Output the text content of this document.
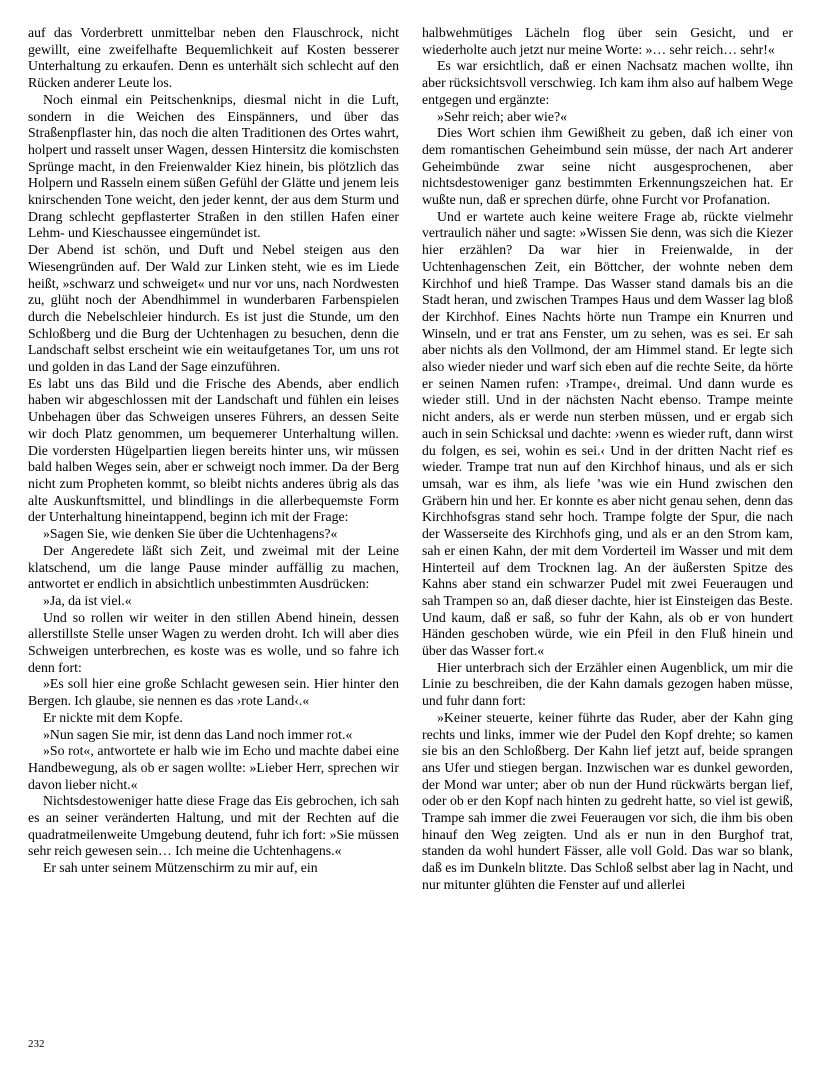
auf das Vorderbrett unmittelbar neben den Flauschrock, nicht gewillt, eine zweifelhafte Bequemlichkeit auf Kosten besserer Unterhaltung zu erkaufen. Denn es unterhält sich schlecht auf den Rücken anderer Leute los.

Noch einmal ein Peitschenknips, diesmal nicht in die Luft, sondern in die Weichen des Einspänners, und über das Straßenpflaster hin, das noch die alten Traditionen des Ortes wahrt, holpert und rasselt unser Wagen, dessen Hintersitz die komischsten Sprünge macht, in den Freienwalder Kiez hinein, bis plötzlich das Holpern und Rasseln einem süßen Gefühl der Glätte und jenem leis knirschenden Tone weicht, den jeder kennt, der aus dem Sturm und Drang schlecht gepflasterter Straßen in den stillen Hafen einer Lehm- und Kieschaussee eingemündet ist.

Der Abend ist schön, und Duft und Nebel steigen aus den Wiesengründen auf. Der Wald zur Linken steht, wie es im Liede heißt, »schwarz und schweiget« und nur vor uns, nach Nordwesten zu, glüht noch der Abendhimmel in wunderbaren Farbenspielen durch die Nebelschleier hindurch. Es ist just die Stunde, um den Schloßberg und die Burg der Uchtenhagen zu besuchen, denn die Landschaft selbst erscheint wie ein weitaufgetanes Tor, um uns rot und golden in das Land der Sage einzuführen.

Es labt uns das Bild und die Frische des Abends, aber endlich haben wir abgeschlossen mit der Landschaft und fühlen ein leises Unbehagen über das Schweigen unseres Führers, an dessen Seite wir doch Platz genommen, um bequemerer Unterhaltung willen. Die vordersten Hügelpartien liegen bereits hinter uns, wir müssen bald halben Weges sein, aber er schweigt noch immer. Da der Berg nicht zum Propheten kommt, so bleibt nichts anderes übrig als das alte Auskunftsmittel, und blindlings in die allerbequemste Form der Unterhaltung hineintappend, beginn ich mit der Frage:

»Sagen Sie, wie denken Sie über die Uchtenhagens?«

Der Angeredete läßt sich Zeit, und zweimal mit der Leine klatschend, um die lange Pause minder auffällig zu machen, antwortet er endlich in absichtlich unbestimmten Ausdrücken:

»Ja, da ist viel.«

Und so rollen wir weiter in den stillen Abend hinein, dessen allerstillste Stelle unser Wagen zu werden droht. Ich will aber dies Schweigen unterbrechen, es koste was es wolle, und so fahre ich denn fort:

»Es soll hier eine große Schlacht gewesen sein. Hier hinter den Bergen. Ich glaube, sie nennen es das ›rote Land‹.«

Er nickte mit dem Kopfe.

»Nun sagen Sie mir, ist denn das Land noch immer rot.«

»So rot«, antwortete er halb wie im Echo und machte dabei eine Handbewegung, als ob er sagen wollte: »Lieber Herr, sprechen wir davon lieber nicht.«

Nichtsdestoweniger hatte diese Frage das Eis gebrochen, ich sah es an seiner veränderten Haltung, und mit der Rechten auf die quadratmeilenweite Umgebung deutend, fuhr ich fort: »Sie müssen sehr reich gewesen sein… Ich meine die Uchtenhagens.«

Er sah unter seinem Mützenschirm zu mir auf, ein

halbwehmütiges Lächeln flog über sein Gesicht, und er wiederholte auch jetzt nur meine Worte: »… sehr reich… sehr!«

Es war ersichtlich, daß er einen Nachsatz machen wollte, ihn aber rücksichtsvoll verschwieg. Ich kam ihm also auf halbem Wege entgegen und ergänzte:

»Sehr reich; aber wie?«

Dies Wort schien ihm Gewißheit zu geben, daß ich einer von dem romantischen Geheimbund sein müsse, der nach Art anderer Geheimbünde zwar seine nicht ausgesprochenen, aber nichtsdestoweniger ganz bestimmten Erkennungszeichen hat. Er wußte nun, daß er sprechen dürfe, ohne Furcht vor Profanation.

Und er wartete auch keine weitere Frage ab, rückte vielmehr vertraulich näher und sagte: »Wissen Sie denn, was sich die Kiezer hier erzählen? Da war hier in Freienwalde, in der Uchtenhagenschen Zeit, ein Böttcher, der wohnte neben dem Kirchhof und hieß Trampe. Das Wasser stand damals bis an die Stadt heran, und zwischen Trampes Haus und dem Wasser lag bloß der Kirchhof. Eines Nachts hörte nun Trampe ein Knurren und Winseln, und er trat ans Fenster, um zu sehen, was es sei. Er sah aber nichts als den Vollmond, der am Himmel stand. Er legte sich also wieder nieder und warf sich eben auf die rechte Seite, da hörte er seinen Namen rufen: ›Trampe‹, dreimal. Und dann wurde es wieder still. Und in der nächsten Nacht ebenso. Trampe meinte nicht anders, als er werde nun sterben müssen, und er ergab sich auch in sein Schicksal und dachte: ›wenn es wieder ruft, dann wirst du folgen, es sei, wohin es sei.‹ Und in der dritten Nacht rief es wieder. Trampe trat nun auf den Kirchhof hinaus, und als er sich umsah, war es ihm, als liefe ’was wie ein Hund zwischen den Gräbern hin und her. Er konnte es aber nicht genau sehen, denn das Kirchhofsgras stand sehr hoch. Trampe folgte der Spur, die nach der Wasserseite des Kirchhofs ging, und als er an den Strom kam, sah er einen Kahn, der mit dem Vorderteil im Wasser und mit dem Hinterteil auf dem Trocknen lag. An der äußersten Spitze des Kahns aber stand ein schwarzer Pudel mit zwei Feueraugen und sah Trampen so an, daß dieser dachte, hier ist Einsteigen das Beste. Und kaum, daß er saß, so fuhr der Kahn, als ob er von hundert Händen geschoben würde, wie ein Pfeil in den Fluß hinein und über das Wasser fort.«

Hier unterbrach sich der Erzähler einen Augenblick, um mir die Linie zu beschreiben, die der Kahn damals gezogen haben müsse, und fuhr dann fort:

»Keiner steuerte, keiner führte das Ruder, aber der Kahn ging rechts und links, immer wie der Pudel den Kopf drehte; so kamen sie bis an den Schloßberg. Der Kahn lief jetzt auf, beide sprangen ans Ufer und stiegen bergan. Inzwischen war es dunkel geworden, der Mond war unter; aber ob nun der Hund rückwärts bergan lief, oder ob er den Kopf nach hinten zu gedreht hatte, so viel ist gewiß, Trampe sah immer die zwei Feueraugen vor sich, die ihm bis oben hinauf den Weg zeigten. Und als er nun in den Burghof trat, standen da wohl hundert Fässer, alle voll Gold. Das war so blank, daß es im Dunkeln blitzte. Das Schloß selbst aber lag in Nacht, und nur mitunter glühten die Fenster auf und allerlei

232
